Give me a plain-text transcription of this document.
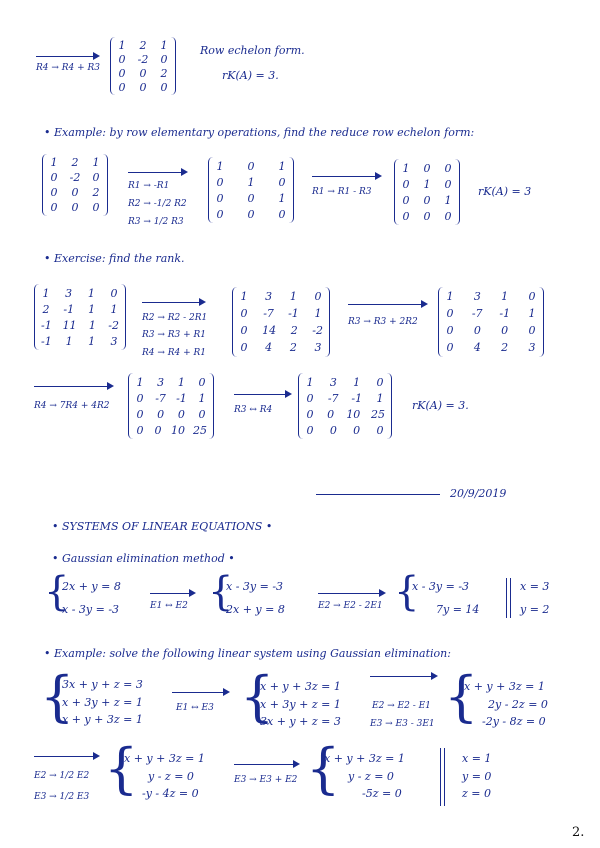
R4 → R4 + R3
1 2 1
0 -2 0
0 0 2
0 0 0
Row echelon form.
rK(A) = 3.
• Example: by row elementary operations, find the reduce row echelon form:
1 2 1
0 -2 0
0 0 2
0 0 0
R1 → -R1
R2 → -1/2 R2
R3 → 1/2 R3
1 0 1
0 1 0
0 0 1
0 0 0
R1 → R1 - R3
1 0 0
0 1 0
0 0 1
0 0 0
rK(A) = 3
• Exercise: find the rank.
1 3 1 0
2 -1 1 1
-1 11 1 -2
-1 1 1 3
R2 → R2 - 2R1
R3 → R3 + R1
R4 → R4 + R1
1 3 1 0
0 -7 -1 1
0 14 2 -2
0 4 2 3
R3 → R3 + 2R2
1 3 1 0
0 -7 -1 1
0 0 0 0
0 4 2 3
R4 → 7R4 + 4R2
1 3 1 0
0 -7 -1 1
0 0 0 0
0 0 10 25
R3 ↔ R4
1 3 1 0
0 -7 -1 1
0 0 10 25
0 0 0 0
rK(A) = 3.
20/9/2019
• SYSTEMS OF LINEAR EQUATIONS •
• Gaussian elimination method •
{
2x + y = 8
x - 3y = -3	E1 ↔ E2 {
x - 3y = -3
2x + y = 8	E2 → E2 - 2E1 {
x - 3y = -3
7y = 14
x = 3
y = 2
• Example: solve the following linear system using Gaussian elimination:
{
3x + y + z = 3
x + 3y + z = 1
x + y + 3z = 1
E1 ↔ E3 {
x + y + 3z = 1
x + 3y + z = 1
3x + y + z = 3
E2 → E2 - E1
E3 → E3 - 3E1 {
x + y + 3z = 1
2y - 2z = 0
-2y - 8z = 0
E2 → 1/2 E2
E3 → 1/2 E3 {
x + y + 3z = 1
y - z = 0
-y - 4z = 0
E3 → E3 + E2 {
x + y + 3z = 1
y - z = 0
-5z = 0
x = 1
y = 0
z = 0
2.
